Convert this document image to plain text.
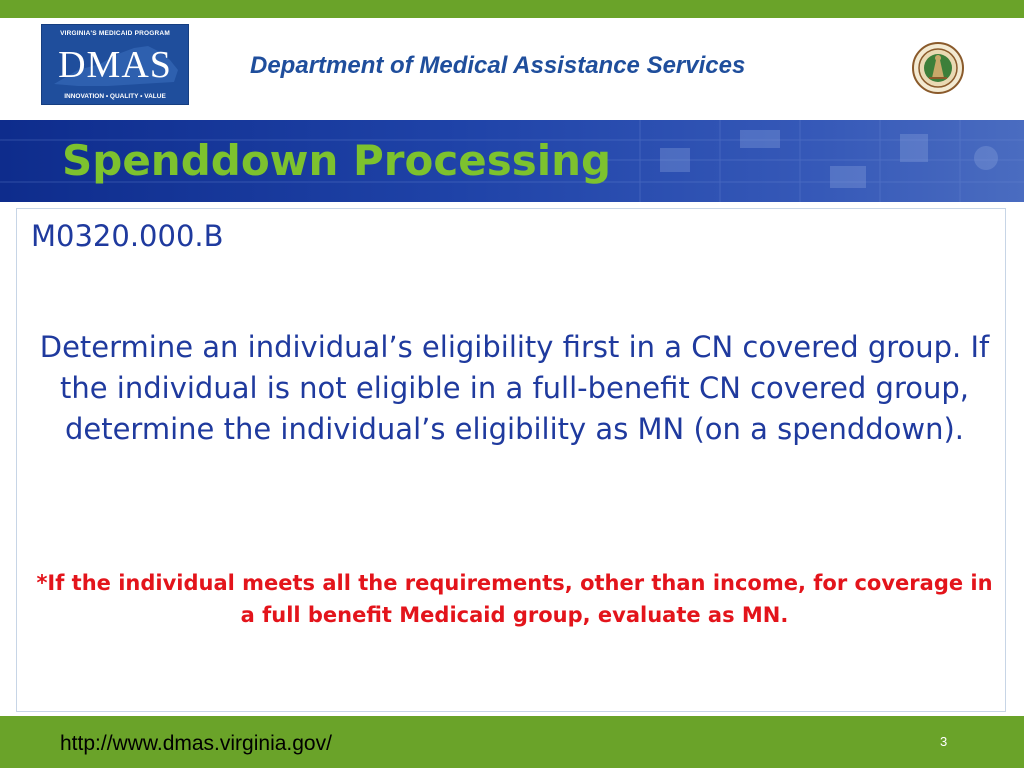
VIRGINIA'S MEDICAID PROGRAM
DMAS
INNOVATION • QUALITY • VALUE
Department of Medical Assistance Services
Spenddown Processing
M0320.000.B
Determine an individual’s eligibility first in a CN covered group. If the individual is not eligible in a full-benefit CN covered group, determine the individual’s eligibility as MN (on a spenddown).
*If the individual meets all the requirements, other than income, for coverage in a full benefit Medicaid group, evaluate as MN.
http://www.dmas.virginia.gov/	3
